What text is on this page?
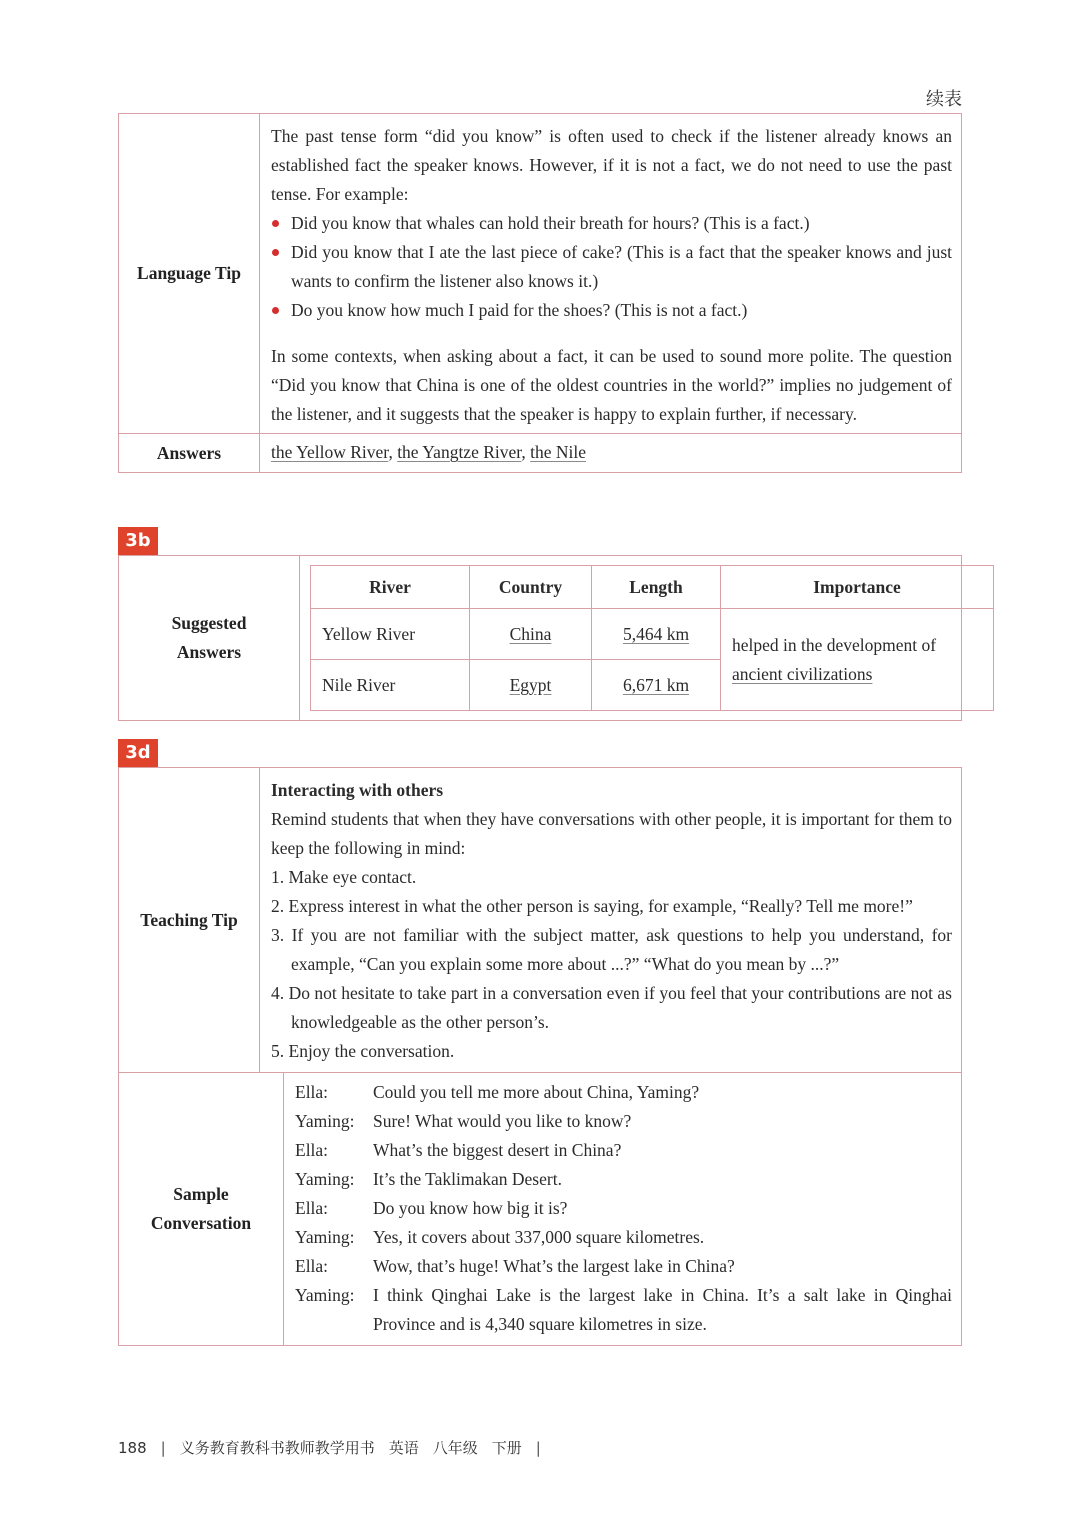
续表
Language Tip

The past tense form “did you know” is often used to check if the listener already knows an established fact the speaker knows. However, if it is not a fact, we do not need to use the past tense. For example:

Did you know that whales can hold their breath for hours? (This is a fact.)

Did you know that I ate the last piece of cake? (This is a fact that the speaker knows and just wants to confirm the listener also knows it.)

Do you know how much I paid for the shoes? (This is not a fact.)

In some contexts, when asking about a fact, it can be used to sound more polite. The question “Did you know that China is one of the oldest countries in the world?” implies no judgement of the listener, and it suggests that the speaker is happy to explain further, if necessary.

Answers	the Yellow River, the Yangtze River, the Nile
3b
Suggested Answers
River	Country	Length	Importance
Yellow River	China	5,464 km	helped in the development of
ancient civilizations
Nile River	Egypt	6,671 km	
3d
Teaching Tip

Interacting with others

Remind students that when they have conversations with other people, it is important for them to keep the following in mind:

1. Make eye contact.

2. Express interest in what the other person is saying, for example, “Really? Tell me more!”

3. If you are not familiar with the subject matter, ask questions to help you understand, for example, “Can you explain some more about ...?” “What do you mean by ...?”

4. Do not hesitate to take part in a conversation even if you feel that your contributions are not as knowledgeable as the other person’s.

5. Enjoy the conversation.

Sample Conversation
Ella:	Could you tell me more about China, Yaming?
Yaming:	Sure! What would you like to know?
Ella:	What’s the biggest desert in China?
Yaming:	It’s the Taklimakan Desert.
Ella:	Do you know how big it is?
Yaming:	Yes, it covers about 337,000 square kilometres.
Ella:	Wow, that’s huge! What’s the largest lake in China?
Yaming:	I think Qinghai Lake is the largest lake in China. It’s a salt lake in Qinghai Province and is 4,340 square kilometres in size.
188 | 义务教育教科书教师教学用书 英语 八年级 下册 |
